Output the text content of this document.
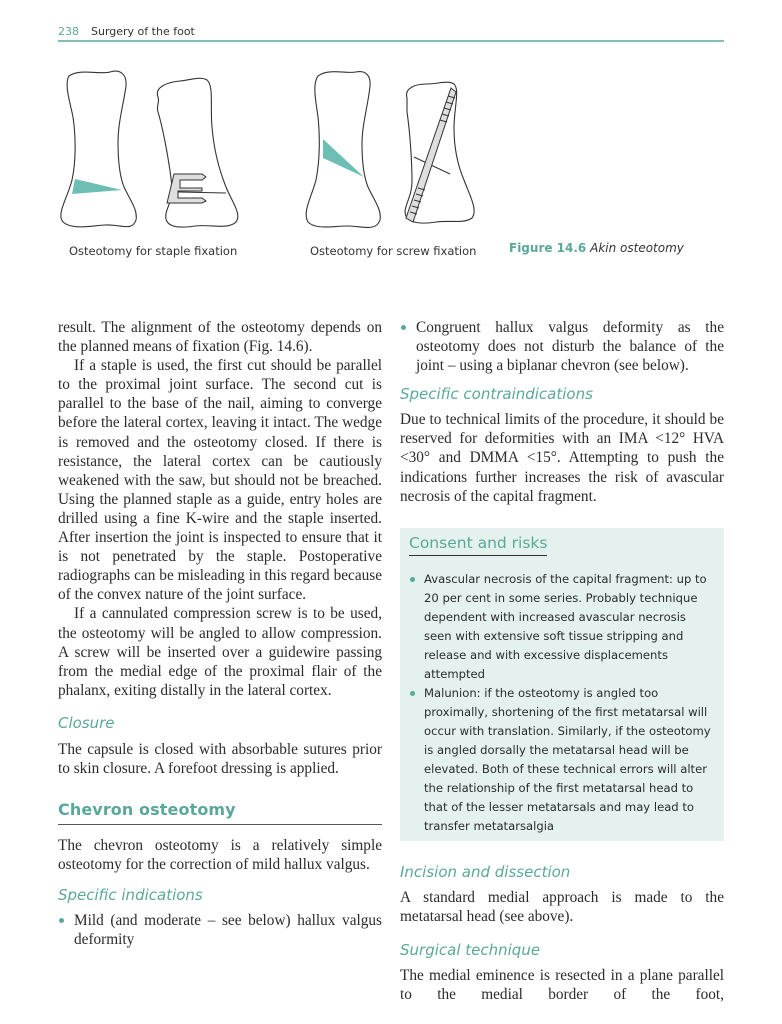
238 Surgery of the foot
Osteotomy for staple fixation	Osteotomy for screw fixation	Figure 14.6 Akin osteotomy

result. The alignment of the osteotomy depends on the planned means of fixation (Fig. 14.6).

If a staple is used, the first cut should be parallel to the proximal joint surface. The second cut is parallel to the base of the nail, aiming to converge before the lateral cortex, leaving it intact. The wedge is removed and the osteotomy closed. If there is resistance, the lateral cortex can be cautiously weakened with the saw, but should not be breached. Using the planned staple as a guide, entry holes are drilled using a fine K-wire and the staple inserted. After insertion the joint is inspected to ensure that it is not penetrated by the staple. Postoperative radiographs can be misleading in this regard because of the convex nature of the joint surface.

If a cannulated compression screw is to be used, the osteotomy will be angled to allow compression. A screw will be inserted over a guidewire passing from the medial edge of the proximal flair of the phalanx, exiting distally in the lateral cortex.

Closure

The capsule is closed with absorbable sutures prior to skin closure. A forefoot dressing is applied.

Chevron osteotomy

The chevron osteotomy is a relatively simple osteotomy for the correction of mild hallux valgus.

Specific indications
Mild (and moderate – see below) hallux valgus deformity
Congruent hallux valgus deformity as the osteotomy does not disturb the balance of the joint – using a biplanar chevron (see below).
Specific contraindications

Due to technical limits of the procedure, it should be reserved for deformities with an IMA <12° HVA <30° and DMMA <15°. Attempting to push the indications further increases the risk of avascular necrosis of the capital fragment.

Consent and risks
Avascular necrosis of the capital fragment: up to 20 per cent in some series. Probably technique dependent with increased avascular necrosis seen with extensive soft tissue stripping and release and with excessive displacements attempted
Malunion: if the osteotomy is angled too proximally, shortening of the first metatarsal will occur with translation. Similarly, if the osteotomy is angled dorsally the metatarsal head will be elevated. Both of these technical errors will alter the relationship of the first metatarsal head to that of the lesser metatarsals and may lead to transfer metatarsalgia
Incision and dissection

A standard medial approach is made to the metatarsal head (see above).

Surgical technique

The medial eminence is resected in a plane parallel to the medial border of the foot,
